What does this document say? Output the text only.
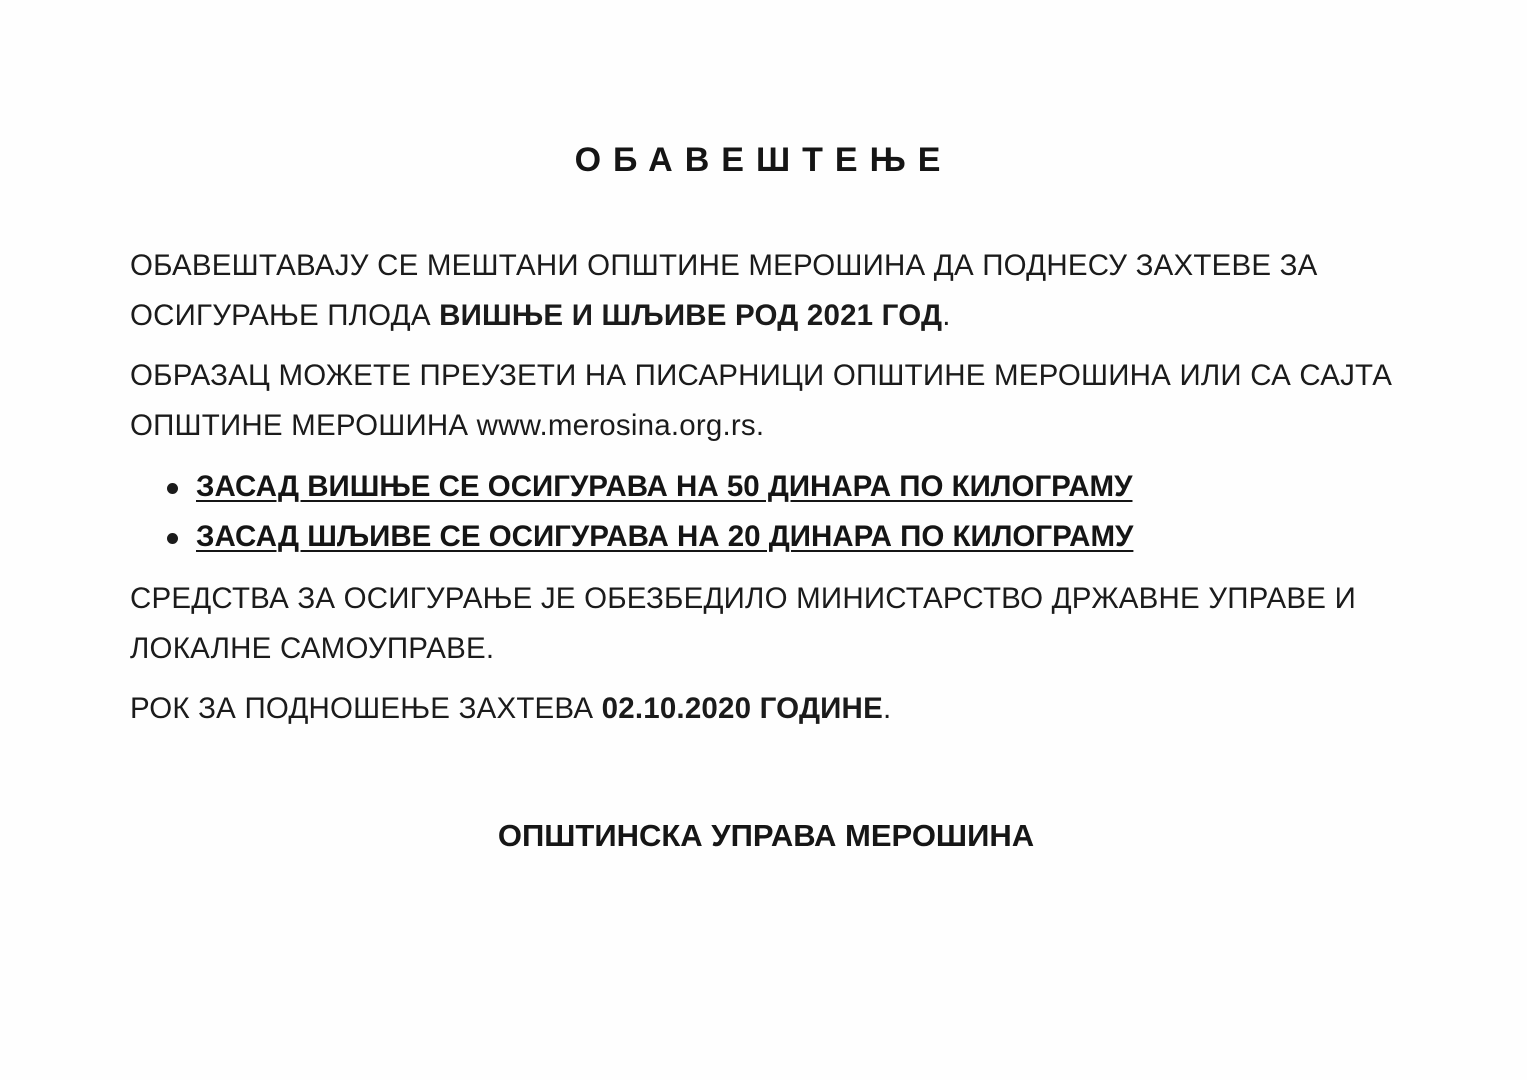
ОБАВЕШТЕЊЕ
ОБАВЕШТАВАЈУ СЕ МЕШТАНИ ОПШТИНЕ МЕРОШИНА ДА ПОДНЕСУ ЗАХТЕВЕ ЗА ОСИГУРАЊЕ ПЛОДА ВИШЊЕ И ШЉИВЕ РОД 2021 ГОД.
ОБРАЗАЦ МОЖЕТЕ ПРЕУЗЕТИ НА ПИСАРНИЦИ ОПШТИНЕ МЕРОШИНА ИЛИ СА САЈТА ОПШТИНЕ МЕРОШИНА www.merosina.org.rs.
ЗАСАД ВИШЊЕ СЕ ОСИГУРАВА НА 50 ДИНАРА ПО КИЛОГРАМУ
ЗАСАД ШЉИВЕ СЕ ОСИГУРАВА НА 20 ДИНАРА ПО КИЛОГРАМУ
СРЕДСТВА ЗА ОСИГУРАЊЕ ЈЕ ОБЕЗБЕДИЛО МИНИСТАРСТВО ДРЖАВНЕ УПРАВЕ И ЛОКАЛНЕ САМОУПРАВЕ.
РОК ЗА ПОДНОШЕЊЕ ЗАХТЕВА 02.10.2020 ГОДИНЕ.
ОПШТИНСКА УПРАВА МЕРОШИНА
